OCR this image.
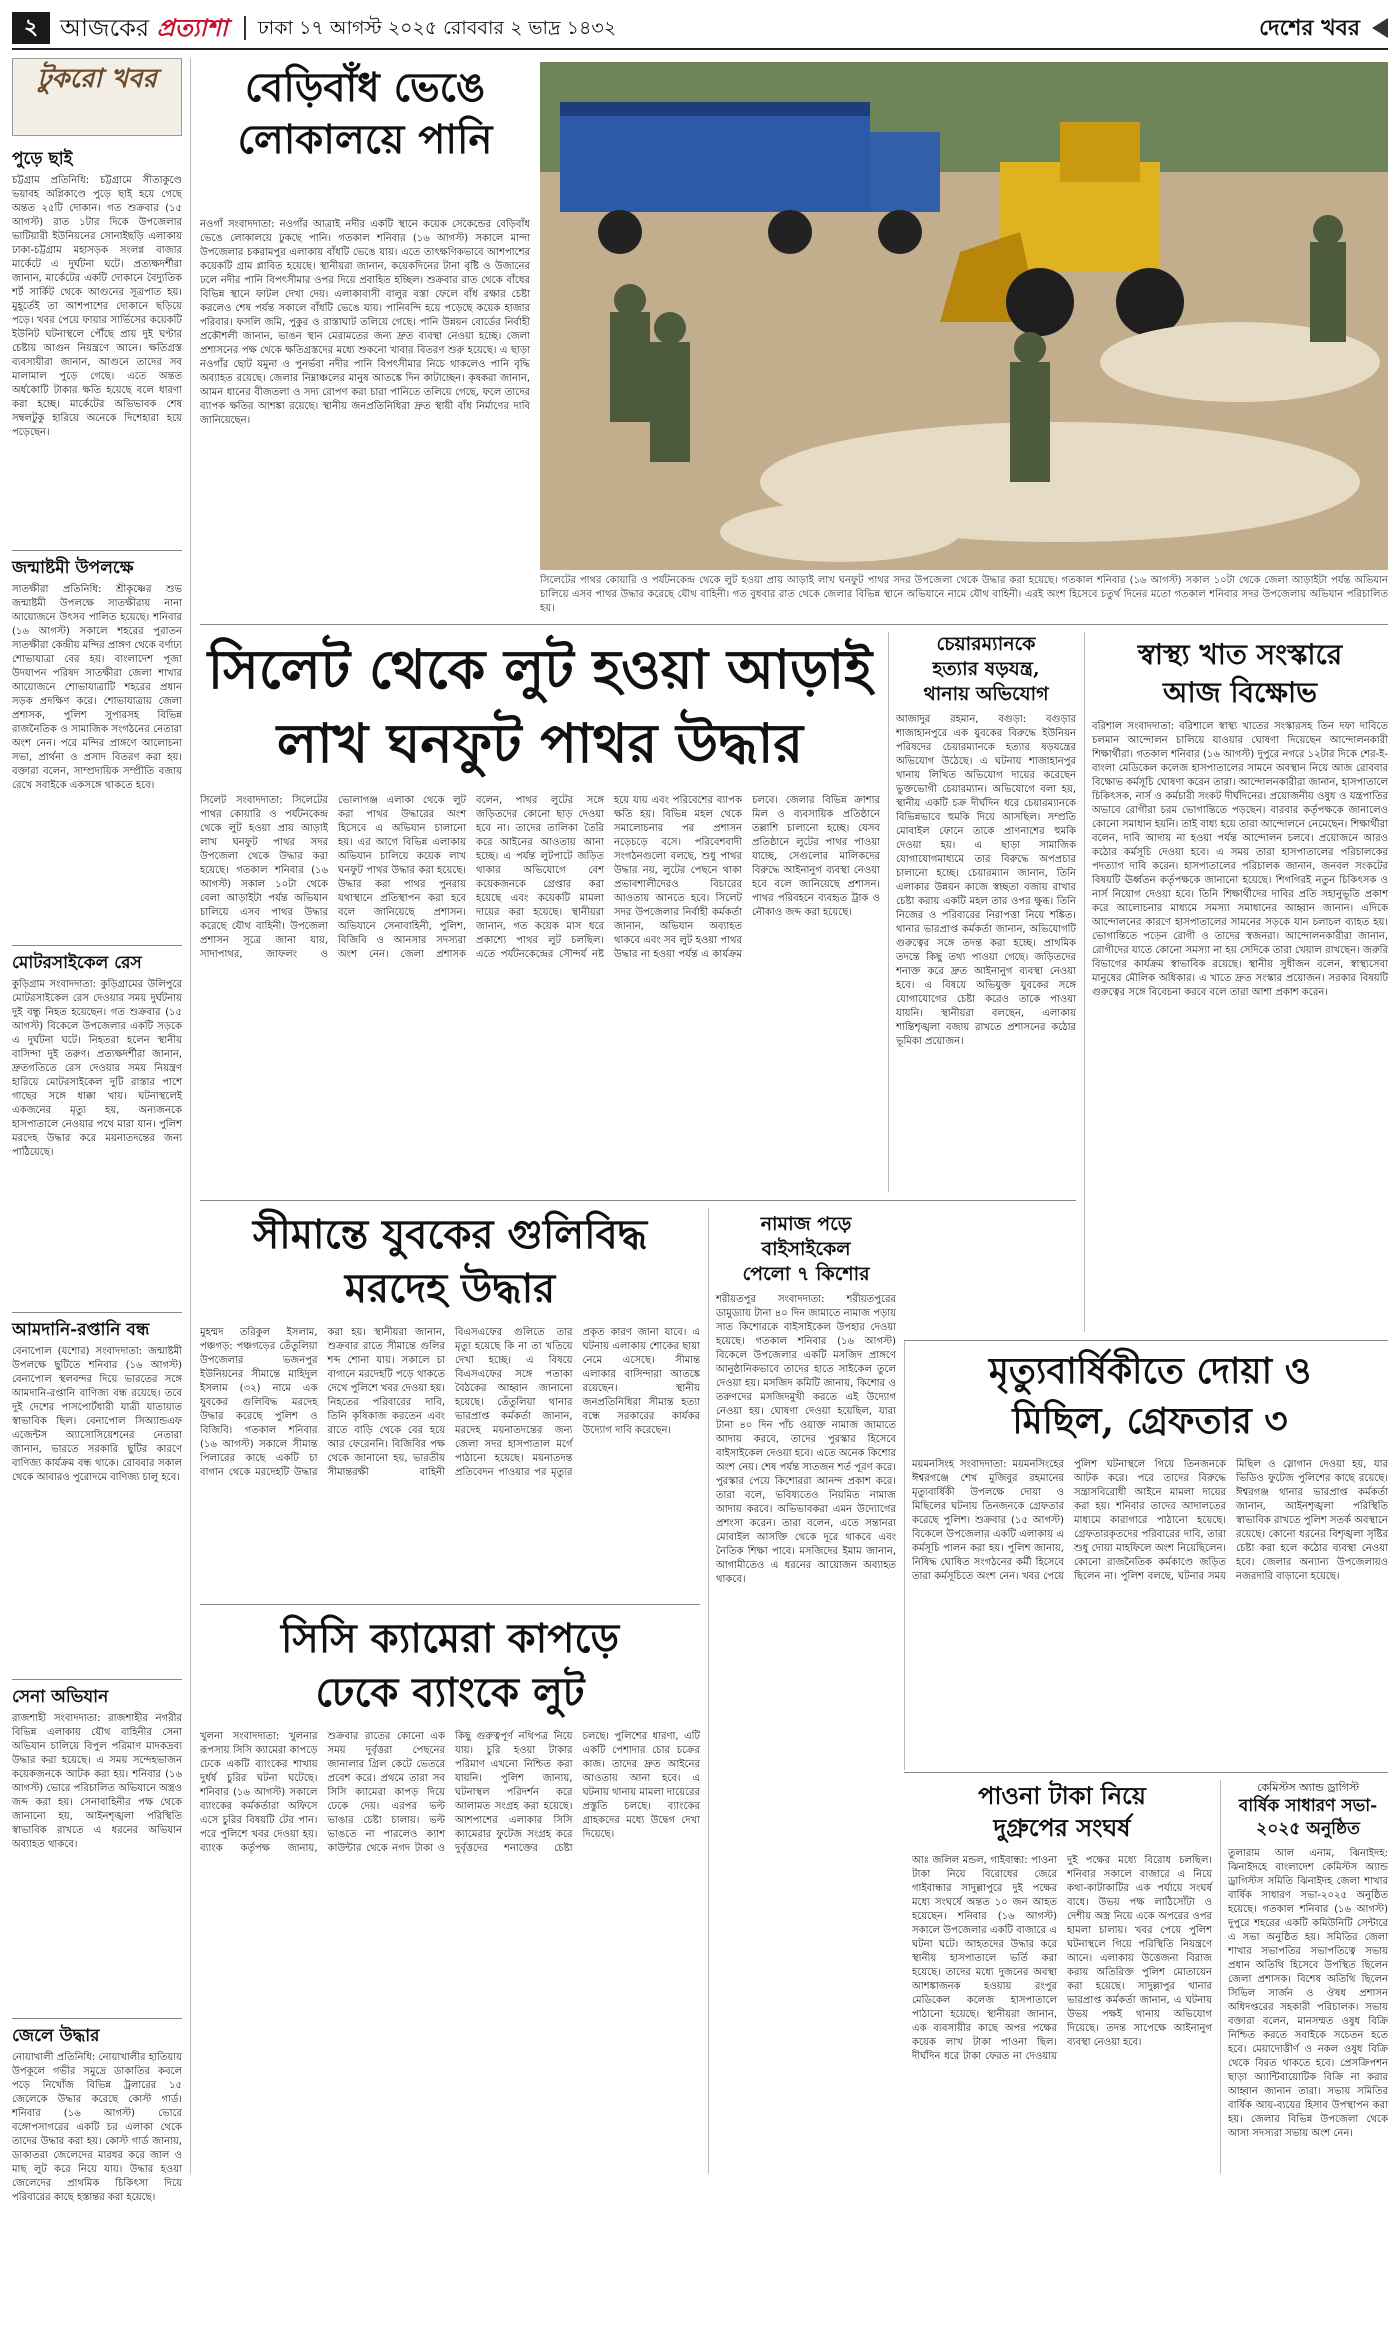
২ আজকের প্রত্যাশা ঢাকা ১৭ আগস্ট ২০২৫ রোববার ২ ভাদ্র ১৪৩২	দেশের খবর
টুকরো খবর
পুড়ে ছাই
চট্টগ্রাম প্রতিনিধি: চট্টগ্রামে সীতাকুণ্ডে ভয়াবহ অগ্নিকাণ্ডে পুড়ে ছাই হয়ে গেছে অন্তত ২৫টি দোকান। গত শুক্রবার (১৫ আগস্ট) রাত ১টার দিকে উপজেলার ভাটিয়ারী ইউনিয়নের সোনাইছড়ি এলাকায় ঢাকা-চট্টগ্রাম মহাসড়ক সংলগ্ন বাজার মার্কেটে এ দুর্ঘটনা ঘটে। প্রত্যক্ষদর্শীরা জানান, মার্কেটের একটি দোকানে বৈদ্যুতিক শর্ট সার্কিট থেকে আগুনের সূত্রপাত হয়। মুহূর্তেই তা আশপাশের দোকানে ছড়িয়ে পড়ে। খবর পেয়ে ফায়ার সার্ভিসের কয়েকটি ইউনিট ঘটনাস্থলে পৌঁছে প্রায় দুই ঘণ্টার চেষ্টায় আগুন নিয়ন্ত্রণে আনে। ক্ষতিগ্রস্ত ব্যবসায়ীরা জানান, আগুনে তাদের সব মালামাল পুড়ে গেছে। এতে অন্তত অর্ধকোটি টাকার ক্ষতি হয়েছে বলে ধারণা করা হচ্ছে। মার্কেটের অভিভাবক শেষ সম্বলটুকু হারিয়ে অনেকে দিশেহারা হয়ে পড়েছেন।
জন্মাষ্টমী উপলক্ষে
সাতক্ষীরা প্রতিনিধি: শ্রীকৃষ্ণের শুভ জন্মাষ্টমী উপলক্ষে সাতক্ষীরায় নানা আয়োজনে উৎসব পালিত হয়েছে। শনিবার (১৬ আগস্ট) সকালে শহরের পুরাতন সাতক্ষীরা কেন্দ্রীয় মন্দির প্রাঙ্গণ থেকে বর্ণাঢ্য শোভাযাত্রা বের হয়। বাংলাদেশ পূজা উদযাপন পরিষদ সাতক্ষীরা জেলা শাখার আয়োজনে শোভাযাত্রাটি শহরের প্রধান সড়ক প্রদক্ষিণ করে। শোভাযাত্রায় জেলা প্রশাসক, পুলিশ সুপারসহ বিভিন্ন রাজনৈতিক ও সামাজিক সংগঠনের নেতারা অংশ নেন। পরে মন্দির প্রাঙ্গণে আলোচনা সভা, প্রার্থনা ও প্রসাদ বিতরণ করা হয়। বক্তারা বলেন, সাম্প্রদায়িক সম্প্রীতি বজায় রেখে সবাইকে একসঙ্গে থাকতে হবে।
মোটরসাইকেল রেস
কুড়িগ্রাম সংবাদদাতা: কুড়িগ্রামের উলিপুরে মোটরসাইকেল রেস দেওয়ার সময় দুর্ঘটনায় দুই বন্ধু নিহত হয়েছেন। গত শুক্রবার (১৫ আগস্ট) বিকেলে উপজেলার একটি সড়কে এ দুর্ঘটনা ঘটে। নিহতরা হলেন স্থানীয় বাসিন্দা দুই তরুণ। প্রত্যক্ষদর্শীরা জানান, দ্রুতগতিতে রেস দেওয়ার সময় নিয়ন্ত্রণ হারিয়ে মোটরসাইকেল দুটি রাস্তার পাশে গাছের সঙ্গে ধাক্কা খায়। ঘটনাস্থলেই একজনের মৃত্যু হয়, অন্যজনকে হাসপাতালে নেওয়ার পথে মারা যান। পুলিশ মরদেহ উদ্ধার করে ময়নাতদন্তের জন্য পাঠিয়েছে।
আমদানি-রপ্তানি বন্ধ
বেনাপোল (যশোর) সংবাদদাতা: জন্মাষ্টমী উপলক্ষে ছুটিতে শনিবার (১৬ আগস্ট) বেনাপোল স্থলবন্দর দিয়ে ভারতের সঙ্গে আমদানি-রপ্তানি বাণিজ্য বন্ধ রয়েছে। তবে দুই দেশের পাসপোর্টধারী যাত্রী যাতায়াত স্বাভাবিক ছিল। বেনাপোল সিঅ্যান্ডএফ এজেন্টস অ্যাসোসিয়েশনের নেতারা জানান, ভারতে সরকারি ছুটির কারণে বাণিজ্য কার্যক্রম বন্ধ থাকে। রোববার সকাল থেকে আবারও পুরোদমে বাণিজ্য চালু হবে।
সেনা অভিযান
রাজশাহী সংবাদদাতা: রাজশাহীর নগরীর বিভিন্ন এলাকায় যৌথ বাহিনীর সেনা অভিযান চালিয়ে বিপুল পরিমাণ মাদকদ্রব্য উদ্ধার করা হয়েছে। এ সময় সন্দেহভাজন কয়েকজনকে আটক করা হয়। শনিবার (১৬ আগস্ট) ভোরে পরিচালিত অভিযানে অস্ত্রও জব্দ করা হয়। সেনাবাহিনীর পক্ষ থেকে জানানো হয়, আইনশৃঙ্খলা পরিস্থিতি স্বাভাবিক রাখতে এ ধরনের অভিযান অব্যাহত থাকবে।
জেলে উদ্ধার
নোয়াখালী প্রতিনিধি: নোয়াখালীর হাতিয়ায় উপকূলে গভীর সমুদ্রে ডাকাতির কবলে পড়ে নিখোঁজ বিভিন্ন ট্রলারের ১৫ জেলেকে উদ্ধার করেছে কোস্ট গার্ড। শনিবার (১৬ আগস্ট) ভোরে বঙ্গোপসাগরের একটি চর এলাকা থেকে তাদের উদ্ধার করা হয়। কোস্ট গার্ড জানায়, ডাকাতরা জেলেদের মারধর করে জাল ও মাছ লুট করে নিয়ে যায়। উদ্ধার হওয়া জেলেদের প্রাথমিক চিকিৎসা দিয়ে পরিবারের কাছে হস্তান্তর করা হয়েছে।
বেড়িবাঁধ ভেঙে লোকালয়ে পানি
নওগাঁ সংবাদদাতা: নওগাঁর আত্রাই নদীর একটি স্থানে কয়েক সেকেন্ডের বেড়িবাঁধ ভেঙে লোকালয়ে ঢুকছে পানি। গতকাল শনিবার (১৬ আগস্ট) সকালে মান্দা উপজেলার চকরামপুর এলাকায় বাঁধটি ভেঙে যায়। এতে তাৎক্ষণিকভাবে আশপাশের কয়েকটি গ্রাম প্লাবিত হয়েছে। স্থানীয়রা জানান, কয়েকদিনের টানা বৃষ্টি ও উজানের ঢলে নদীর পানি বিপৎসীমার ওপর দিয়ে প্রবাহিত হচ্ছিল। শুক্রবার রাত থেকে বাঁধের বিভিন্ন স্থানে ফাটল দেখা দেয়। এলাকাবাসী বালুর বস্তা ফেলে বাঁধ রক্ষার চেষ্টা করলেও শেষ পর্যন্ত সকালে বাঁধটি ভেঙে যায়। পানিবন্দি হয়ে পড়েছে কয়েক হাজার পরিবার। ফসলি জমি, পুকুর ও রাস্তাঘাট তলিয়ে গেছে। পানি উন্নয়ন বোর্ডের নির্বাহী প্রকৌশলী জানান, ভাঙন স্থান মেরামতের জন্য দ্রুত ব্যবস্থা নেওয়া হচ্ছে। জেলা প্রশাসনের পক্ষ থেকে ক্ষতিগ্রস্তদের মধ্যে শুকনো খাবার বিতরণ শুরু হয়েছে। এ ছাড়া নওগাঁর ছোট যমুনা ও পুনর্ভবা নদীর পানি বিপৎসীমার নিচে থাকলেও পানি বৃদ্ধি অব্যাহত রয়েছে। জেলার নিম্নাঞ্চলের মানুষ আতঙ্কে দিন কাটাচ্ছেন। কৃষকরা জানান, আমন ধানের বীজতলা ও সদ্য রোপণ করা চারা পানিতে তলিয়ে গেছে, ফলে তাদের ব্যাপক ক্ষতির আশঙ্কা রয়েছে। স্থানীয় জনপ্রতিনিধিরা দ্রুত স্থায়ী বাঁধ নির্মাণের দাবি জানিয়েছেন।
সিলেটের পাথর কোয়ারি ও পর্যটনকেন্দ্র থেকে লুট হওয়া প্রায় আড়াই লাখ ঘনফুট পাথর সদর উপজেলা থেকে উদ্ধার করা হয়েছে। গতকাল শনিবার (১৬ আগস্ট) সকাল ১০টা থেকে জেলা আড়াইটা পর্যন্ত অভিযান চালিয়ে এসব পাথর উদ্ধার করেছে যৌথ বাহিনী। গত বুধবার রাত থেকে জেলার বিভিন্ন স্থানে অভিযানে নামে যৌথ বাহিনী। এরই অংশ হিসেবে চতুর্থ দিনের মতো গতকাল শনিবার সদর উপজেলায় অভিযান পরিচালিত হয়।
সিলেট থেকে লুট হওয়া আড়াই
লাখ ঘনফুট পাথর উদ্ধার
সিলেট সংবাদদাতা: সিলেটের পাথর কোয়ারি ও পর্যটনকেন্দ্র থেকে লুট হওয়া প্রায় আড়াই লাখ ঘনফুট পাথর সদর উপজেলা থেকে উদ্ধার করা হয়েছে। গতকাল শনিবার (১৬ আগস্ট) সকাল ১০টা থেকে বেলা আড়াইটা পর্যন্ত অভিযান চালিয়ে এসব পাথর উদ্ধার করেছে যৌথ বাহিনী। উপজেলা প্রশাসন সূত্রে জানা যায়, সাদাপাথর, জাফলং ও ভোলাগঞ্জ এলাকা থেকে লুট করা পাথর উদ্ধারের অংশ হিসেবে এ অভিযান চালানো হয়। এর আগে বিভিন্ন এলাকায় অভিযান চালিয়ে কয়েক লাখ ঘনফুট পাথর উদ্ধার করা হয়েছে। উদ্ধার করা পাথর পুনরায় যথাস্থানে প্রতিস্থাপন করা হবে বলে জানিয়েছে প্রশাসন। অভিযানে সেনাবাহিনী, পুলিশ, বিজিবি ও আনসার সদস্যরা অংশ নেন। জেলা প্রশাসক বলেন, পাথর লুটের সঙ্গে জড়িতদের কোনো ছাড় দেওয়া হবে না। তাদের তালিকা তৈরি করে আইনের আওতায় আনা হচ্ছে। এ পর্যন্ত লুটপাটে জড়িত থাকার অভিযোগে বেশ কয়েকজনকে গ্রেপ্তার করা হয়েছে এবং কয়েকটি মামলা দায়ের করা হয়েছে। স্থানীয়রা জানান, গত কয়েক মাস ধরে প্রকাশ্যে পাথর লুট চলছিল। এতে পর্যটনকেন্দ্রের সৌন্দর্য নষ্ট হয়ে যায় এবং পরিবেশের ব্যাপক ক্ষতি হয়। বিভিন্ন মহল থেকে সমালোচনার পর প্রশাসন নড়েচড়ে বসে। পরিবেশবাদী সংগঠনগুলো বলছে, শুধু পাথর উদ্ধার নয়, লুটের পেছনে থাকা প্রভাবশালীদেরও বিচারের আওতায় আনতে হবে। সিলেট সদর উপজেলার নির্বাহী কর্মকর্তা জানান, অভিযান অব্যাহত থাকবে এবং সব লুট হওয়া পাথর উদ্ধার না হওয়া পর্যন্ত এ কার্যক্রম চলবে। জেলার বিভিন্ন ক্রাশার মিল ও ব্যবসায়িক প্রতিষ্ঠানে তল্লাশি চালানো হচ্ছে। যেসব প্রতিষ্ঠানে লুটের পাথর পাওয়া যাচ্ছে, সেগুলোর মালিকদের বিরুদ্ধে আইনানুগ ব্যবস্থা নেওয়া হবে বলে জানিয়েছে প্রশাসন। পাথর পরিবহনে ব্যবহৃত ট্রাক ও নৌকাও জব্দ করা হয়েছে।
চেয়ারম্যানকে
হত্যার ষড়যন্ত্র,
থানায় অভিযোগ
আজাদুর রহমান, বগুড়া: বগুড়ার শাজাহানপুরে এক যুবকের বিরুদ্ধে ইউনিয়ন পরিষদের চেয়ারম্যানকে হত্যার ষড়যন্ত্রের অভিযোগ উঠেছে। এ ঘটনায় শাজাহানপুর থানায় লিখিত অভিযোগ দায়ের করেছেন ভুক্তভোগী চেয়ারম্যান। অভিযোগে বলা হয়, স্থানীয় একটি চক্র দীর্ঘদিন ধরে চেয়ারম্যানকে বিভিন্নভাবে হুমকি দিয়ে আসছিল। সম্প্রতি মোবাইল ফোনে তাকে প্রাণনাশের হুমকি দেওয়া হয়। এ ছাড়া সামাজিক যোগাযোগমাধ্যমে তার বিরুদ্ধে অপপ্রচার চালানো হচ্ছে। চেয়ারম্যান জানান, তিনি এলাকার উন্নয়ন কাজে স্বচ্ছতা বজায় রাখার চেষ্টা করায় একটি মহল তার ওপর ক্ষুব্ধ। তিনি নিজের ও পরিবারের নিরাপত্তা নিয়ে শঙ্কিত। থানার ভারপ্রাপ্ত কর্মকর্তা জানান, অভিযোগটি গুরুত্বের সঙ্গে তদন্ত করা হচ্ছে। প্রাথমিক তদন্তে কিছু তথ্য পাওয়া গেছে। জড়িতদের শনাক্ত করে দ্রুত আইনানুগ ব্যবস্থা নেওয়া হবে। এ বিষয়ে অভিযুক্ত যুবকের সঙ্গে যোগাযোগের চেষ্টা করেও তাকে পাওয়া যায়নি। স্থানীয়রা বলছেন, এলাকায় শান্তিশৃঙ্খলা বজায় রাখতে প্রশাসনের কঠোর ভূমিকা প্রয়োজন।
স্বাস্থ্য খাত সংস্কারে
আজ বিক্ষোভ
বরিশাল সংবাদদাতা: বরিশালে স্বাস্থ্য খাতের সংস্কারসহ তিন দফা দাবিতে চলমান আন্দোলন চালিয়ে যাওয়ার ঘোষণা দিয়েছেন আন্দোলনকারী শিক্ষার্থীরা। গতকাল শনিবার (১৬ আগস্ট) দুপুরে নগরে ১২টার দিকে শের-ই-বাংলা মেডিকেল কলেজ হাসপাতালের সামনে অবস্থান নিয়ে আজ রোববার বিক্ষোভ কর্মসূচি ঘোষণা করেন তারা। আন্দোলনকারীরা জানান, হাসপাতালে চিকিৎসক, নার্স ও কর্মচারী সংকট দীর্ঘদিনের। প্রয়োজনীয় ওষুধ ও যন্ত্রপাতির অভাবে রোগীরা চরম ভোগান্তিতে পড়ছেন। বারবার কর্তৃপক্ষকে জানালেও কোনো সমাধান হয়নি। তাই বাধ্য হয়ে তারা আন্দোলনে নেমেছেন। শিক্ষার্থীরা বলেন, দাবি আদায় না হওয়া পর্যন্ত আন্দোলন চলবে। প্রয়োজনে আরও কঠোর কর্মসূচি দেওয়া হবে। এ সময় তারা হাসপাতালের পরিচালকের পদত্যাগ দাবি করেন। হাসপাতালের পরিচালক জানান, জনবল সংকটের বিষয়টি ঊর্ধ্বতন কর্তৃপক্ষকে জানানো হয়েছে। শিগগিরই নতুন চিকিৎসক ও নার্স নিয়োগ দেওয়া হবে। তিনি শিক্ষার্থীদের দাবির প্রতি সহানুভূতি প্রকাশ করে আলোচনার মাধ্যমে সমস্যা সমাধানের আহ্বান জানান। এদিকে আন্দোলনের কারণে হাসপাতালের সামনের সড়কে যান চলাচল ব্যাহত হয়। ভোগান্তিতে পড়েন রোগী ও তাদের স্বজনরা। আন্দোলনকারীরা জানান, রোগীদের যাতে কোনো সমস্যা না হয় সেদিকে তারা খেয়াল রাখছেন। জরুরি বিভাগের কার্যক্রম স্বাভাবিক রয়েছে। স্থানীয় সুধীজন বলেন, স্বাস্থ্যসেবা মানুষের মৌলিক অধিকার। এ খাতে দ্রুত সংস্কার প্রয়োজন। সরকার বিষয়টি গুরুত্বের সঙ্গে বিবেচনা করবে বলে তারা আশা প্রকাশ করেন।
সীমান্তে যুবকের গুলিবিদ্ধ
মরদেহ উদ্ধার
মুহম্মদ তরিকুল ইসলাম, পঞ্চগড়: পঞ্চগড়ের তেঁতুলিয়া উপজেলার ভজনপুর ইউনিয়নের সীমান্তে মাহিদুল ইসলাম (৩২) নামে এক যুবকের গুলিবিদ্ধ মরদেহ উদ্ধার করেছে পুলিশ ও বিজিবি। গতকাল শনিবার (১৬ আগস্ট) সকালে সীমান্ত পিলারের কাছে একটি চা বাগান থেকে মরদেহটি উদ্ধার করা হয়। স্থানীয়রা জানান, শুক্রবার রাতে সীমান্তে গুলির শব্দ শোনা যায়। সকালে চা বাগানে মরদেহটি পড়ে থাকতে দেখে পুলিশে খবর দেওয়া হয়। নিহতের পরিবারের দাবি, তিনি কৃষিকাজ করতেন এবং রাতে বাড়ি থেকে বের হয়ে আর ফেরেননি। বিজিবির পক্ষ থেকে জানানো হয়, ভারতীয় সীমান্তরক্ষী বাহিনী বিএসএফের গুলিতে তার মৃত্যু হয়েছে কি না তা খতিয়ে দেখা হচ্ছে। এ বিষয়ে বিএসএফের সঙ্গে পতাকা বৈঠকের আহ্বান জানানো হয়েছে। তেঁতুলিয়া থানার ভারপ্রাপ্ত কর্মকর্তা জানান, মরদেহ ময়নাতদন্তের জন্য জেলা সদর হাসপাতাল মর্গে পাঠানো হয়েছে। ময়নাতদন্ত প্রতিবেদন পাওয়ার পর মৃত্যুর প্রকৃত কারণ জানা যাবে। এ ঘটনায় এলাকায় শোকের ছায়া নেমে এসেছে। সীমান্ত এলাকার বাসিন্দারা আতঙ্কে রয়েছেন। স্থানীয় জনপ্রতিনিধিরা সীমান্ত হত্যা বন্ধে সরকারের কার্যকর উদ্যোগ দাবি করেছেন।
নামাজ পড়ে
বাইসাইকেল
পেলো ৭ কিশোর
শরীয়তপুর সংবাদদাতা: শরীয়তপুরের ডামুড্যায় টানা ৪০ দিন জামাতে নামাজ পড়ায় সাত কিশোরকে বাইসাইকেল উপহার দেওয়া হয়েছে। গতকাল শনিবার (১৬ আগস্ট) বিকেলে উপজেলার একটি মসজিদ প্রাঙ্গণে আনুষ্ঠানিকভাবে তাদের হাতে সাইকেল তুলে দেওয়া হয়। মসজিদ কমিটি জানায়, কিশোর ও তরুণদের মসজিদমুখী করতে এই উদ্যোগ নেওয়া হয়। ঘোষণা দেওয়া হয়েছিল, যারা টানা ৪০ দিন পাঁচ ওয়াক্ত নামাজ জামাতে আদায় করবে, তাদের পুরস্কার হিসেবে বাইসাইকেল দেওয়া হবে। এতে অনেক কিশোর অংশ নেয়। শেষ পর্যন্ত সাতজন শর্ত পূরণ করে। পুরস্কার পেয়ে কিশোররা আনন্দ প্রকাশ করে। তারা বলে, ভবিষ্যতেও নিয়মিত নামাজ আদায় করবে। অভিভাবকরা এমন উদ্যোগের প্রশংসা করেন। তারা বলেন, এতে সন্তানরা মোবাইল আসক্তি থেকে দূরে থাকবে এবং নৈতিক শিক্ষা পাবে। মসজিদের ইমাম জানান, আগামীতেও এ ধরনের আয়োজন অব্যাহত থাকবে।
সিসি ক্যামেরা কাপড়ে
ঢেকে ব্যাংকে লুট
খুলনা সংবাদদাতা: খুলনার রূপসায় সিসি ক্যামেরা কাপড়ে ঢেকে একটি ব্যাংকের শাখায় দুর্ধর্ষ চুরির ঘটনা ঘটেছে। শনিবার (১৬ আগস্ট) সকালে ব্যাংকের কর্মকর্তারা অফিসে এসে চুরির বিষয়টি টের পান। পরে পুলিশে খবর দেওয়া হয়। ব্যাংক কর্তৃপক্ষ জানায়, শুক্রবার রাতের কোনো এক সময় দুর্বৃত্তরা পেছনের জানালার গ্রিল কেটে ভেতরে প্রবেশ করে। প্রথমে তারা সব সিসি ক্যামেরা কাপড় দিয়ে ঢেকে দেয়। এরপর ভল্ট ভাঙার চেষ্টা চালায়। ভল্ট ভাঙতে না পারলেও ক্যাশ কাউন্টার থেকে নগদ টাকা ও কিছু গুরুত্বপূর্ণ নথিপত্র নিয়ে যায়। চুরি হওয়া টাকার পরিমাণ এখনো নিশ্চিত করা যায়নি। পুলিশ জানায়, ঘটনাস্থল পরিদর্শন করে আলামত সংগ্রহ করা হয়েছে। আশপাশের এলাকার সিসি ক্যামেরার ফুটেজ সংগ্রহ করে দুর্বৃত্তদের শনাক্তের চেষ্টা চলছে। পুলিশের ধারণা, এটি একটি পেশাদার চোর চক্রের কাজ। তাদের দ্রুত আইনের আওতায় আনা হবে। এ ঘটনায় থানায় মামলা দায়েরের প্রস্তুতি চলছে। ব্যাংকের গ্রাহকদের মধ্যে উদ্বেগ দেখা দিয়েছে।
মৃত্যুবার্ষিকীতে দোয়া ও
মিছিল, গ্রেফতার ৩
ময়মনসিংহ সংবাদদাতা: ময়মনসিংহের ঈশ্বরগঞ্জে শেখ মুজিবুর রহমানের মৃত্যুবার্ষিকী উপলক্ষে দোয়া ও মিছিলের ঘটনায় তিনজনকে গ্রেফতার করেছে পুলিশ। শুক্রবার (১৫ আগস্ট) বিকেলে উপজেলার একটি এলাকায় এ কর্মসূচি পালন করা হয়। পুলিশ জানায়, নিষিদ্ধ ঘোষিত সংগঠনের কর্মী হিসেবে তারা কর্মসূচিতে অংশ নেন। খবর পেয়ে পুলিশ ঘটনাস্থলে গিয়ে তিনজনকে আটক করে। পরে তাদের বিরুদ্ধে সন্ত্রাসবিরোধী আইনে মামলা দায়ের করা হয়। শনিবার তাদের আদালতের মাধ্যমে কারাগারে পাঠানো হয়েছে। গ্রেফতারকৃতদের পরিবারের দাবি, তারা শুধু দোয়া মাহফিলে অংশ নিয়েছিলেন। কোনো রাজনৈতিক কর্মকাণ্ডে জড়িত ছিলেন না। পুলিশ বলছে, ঘটনার সময় মিছিল ও স্লোগান দেওয়া হয়, যার ভিডিও ফুটেজ পুলিশের কাছে রয়েছে। ঈশ্বরগঞ্জ থানার ভারপ্রাপ্ত কর্মকর্তা জানান, আইনশৃঙ্খলা পরিস্থিতি স্বাভাবিক রাখতে পুলিশ সতর্ক অবস্থানে রয়েছে। কোনো ধরনের বিশৃঙ্খলা সৃষ্টির চেষ্টা করা হলে কঠোর ব্যবস্থা নেওয়া হবে। জেলার অন্যান্য উপজেলায়ও নজরদারি বাড়ানো হয়েছে।
পাওনা টাকা নিয়ে
দুগ্রুপের সংঘর্ষ
আঃ জলিল মন্ডল, গাইবান্ধা: পাওনা টাকা নিয়ে বিরোধের জেরে গাইবান্ধার সাদুল্লাপুরে দুই পক্ষের মধ্যে সংঘর্ষে অন্তত ১০ জন আহত হয়েছেন। শনিবার (১৬ আগস্ট) সকালে উপজেলার একটি বাজারে এ ঘটনা ঘটে। আহতদের উদ্ধার করে স্থানীয় হাসপাতালে ভর্তি করা হয়েছে। তাদের মধ্যে দুজনের অবস্থা আশঙ্কাজনক হওয়ায় রংপুর মেডিকেল কলেজ হাসপাতালে পাঠানো হয়েছে। স্থানীয়রা জানান, এক ব্যবসায়ীর কাছে অপর পক্ষের কয়েক লাখ টাকা পাওনা ছিল। দীর্ঘদিন ধরে টাকা ফেরত না দেওয়ায় দুই পক্ষের মধ্যে বিরোধ চলছিল। শনিবার সকালে বাজারে এ নিয়ে কথা-কাটাকাটির এক পর্যায়ে সংঘর্ষ বাধে। উভয় পক্ষ লাঠিসোঁটা ও দেশীয় অস্ত্র নিয়ে একে অপরের ওপর হামলা চালায়। খবর পেয়ে পুলিশ ঘটনাস্থলে গিয়ে পরিস্থিতি নিয়ন্ত্রণে আনে। এলাকায় উত্তেজনা বিরাজ করায় অতিরিক্ত পুলিশ মোতায়েন করা হয়েছে। সাদুল্লাপুর থানার ভারপ্রাপ্ত কর্মকর্তা জানান, এ ঘটনায় উভয় পক্ষই থানায় অভিযোগ দিয়েছে। তদন্ত সাপেক্ষে আইনানুগ ব্যবস্থা নেওয়া হবে।
কেমিস্টস অ্যান্ড ড্রাগিস্ট
বার্ষিক সাধারণ সভা-
২০২৫ অনুষ্ঠিত
তুলারাম আল এনাম, ঝিনাইদহ: ঝিনাইদহে বাংলাদেশ কেমিস্টস অ্যান্ড ড্রাগিস্টস সমিতি ঝিনাইদহ জেলা শাখার বার্ষিক সাধারণ সভা-২০২৫ অনুষ্ঠিত হয়েছে। গতকাল শনিবার (১৬ আগস্ট) দুপুরে শহরের একটি কমিউনিটি সেন্টারে এ সভা অনুষ্ঠিত হয়। সমিতির জেলা শাখার সভাপতির সভাপতিত্বে সভায় প্রধান অতিথি হিসেবে উপস্থিত ছিলেন জেলা প্রশাসক। বিশেষ অতিথি ছিলেন সিভিল সার্জন ও ঔষধ প্রশাসন অধিদপ্তরের সহকারী পরিচালক। সভায় বক্তারা বলেন, মানসম্মত ওষুধ বিক্রি নিশ্চিত করতে সবাইকে সচেতন হতে হবে। মেয়াদোত্তীর্ণ ও নকল ওষুধ বিক্রি থেকে বিরত থাকতে হবে। প্রেসক্রিপশন ছাড়া অ্যান্টিবায়োটিক বিক্রি না করার আহ্বান জানান তারা। সভায় সমিতির বার্ষিক আয়-ব্যয়ের হিসাব উপস্থাপন করা হয়। জেলার বিভিন্ন উপজেলা থেকে আসা সদস্যরা সভায় অংশ নেন।
